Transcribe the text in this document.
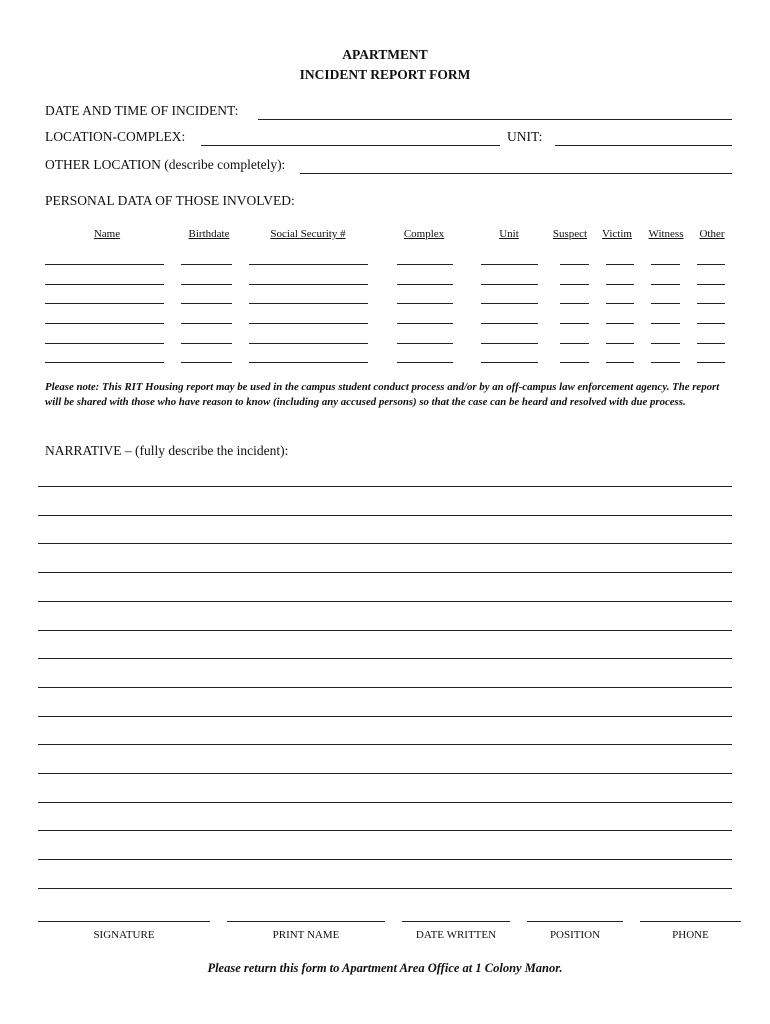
APARTMENT
INCIDENT REPORT FORM
DATE AND TIME OF INCIDENT:
LOCATION-COMPLEX:	UNIT:
OTHER LOCATION (describe completely):
PERSONAL DATA OF THOSE INVOLVED:
Name	Birthdate	Social Security #	Complex	Unit	Suspect	Victim	Witness	Other
Please note: This RIT Housing report may be used in the campus student conduct process and/or by an off-campus law enforcement agency. The report will be shared with those who have reason to know (including any accused persons) so that the case can be heard and resolved with due process.
NARRATIVE – (fully describe the incident):
SIGNATURE	PRINT NAME	DATE WRITTEN	POSITION	PHONE
Please return this form to Apartment Area Office at 1 Colony Manor.
